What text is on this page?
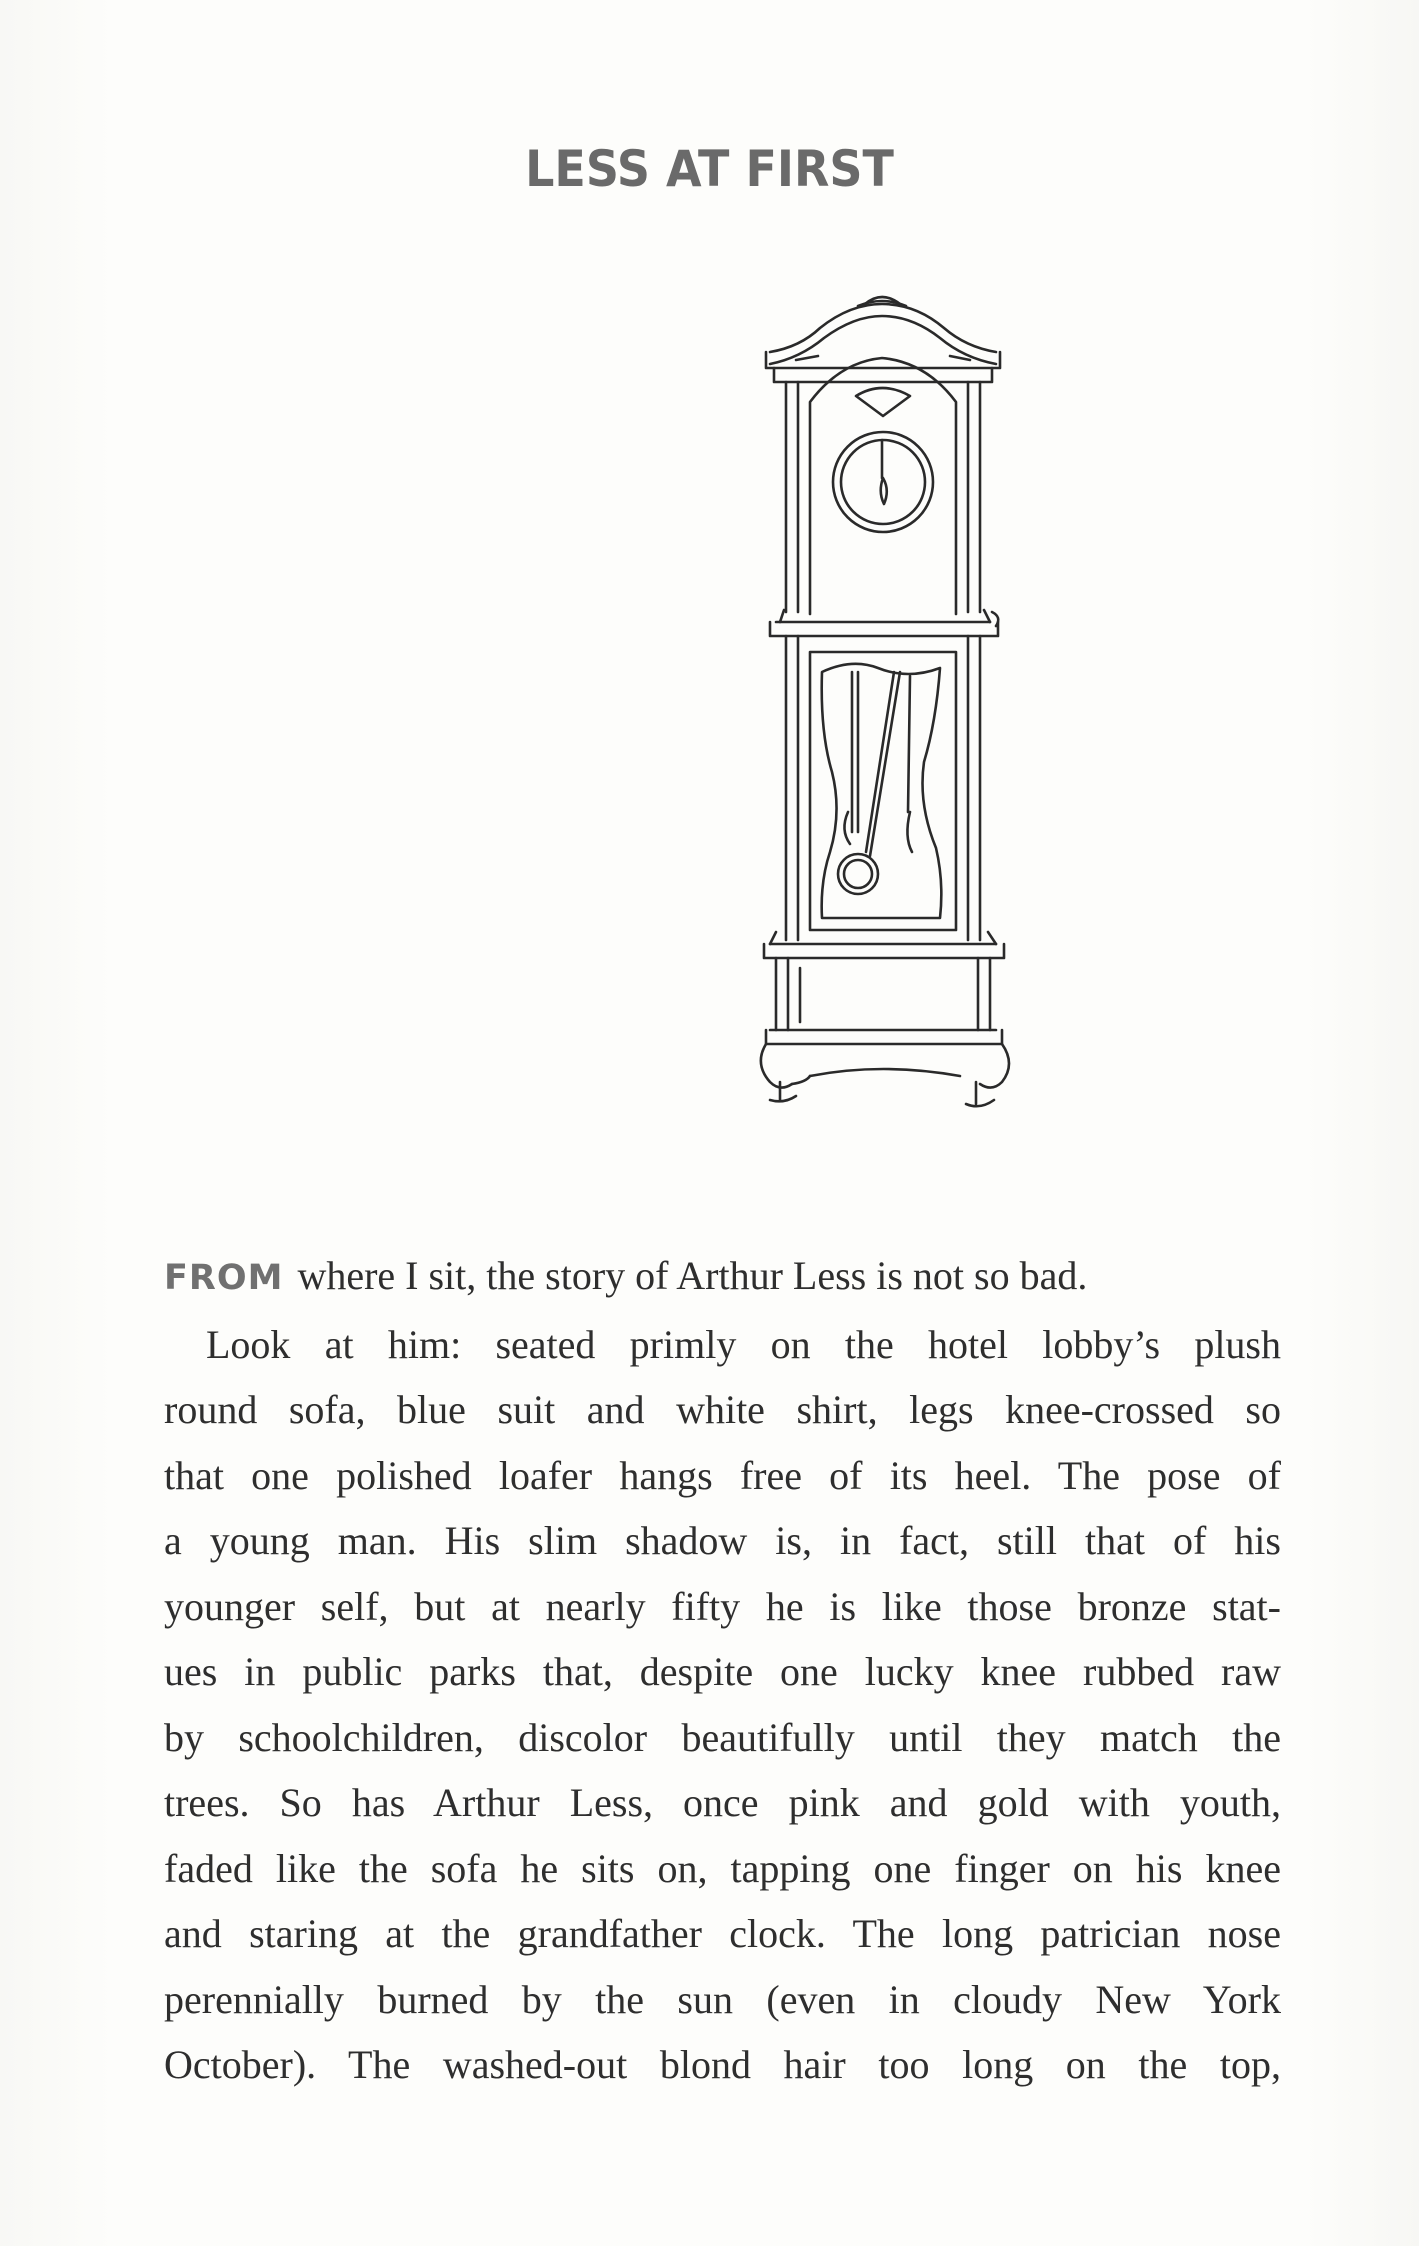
LESS AT FIRST
FROM where I sit, the story of Arthur Less is not so bad.
Look at him: seated primly on the hotel lobby’s plush
round sofa, blue suit and white shirt, legs knee-crossed so
that one polished loafer hangs free of its heel. The pose of
a young man. His slim shadow is, in fact, still that of his
younger self, but at nearly fifty he is like those bronze stat-
ues in public parks that, despite one lucky knee rubbed raw
by schoolchildren, discolor beautifully until they match the
trees. So has Arthur Less, once pink and gold with youth,
faded like the sofa he sits on, tapping one finger on his knee
and staring at the grandfather clock. The long patrician nose
perennially burned by the sun (even in cloudy New York
October). The washed-out blond hair too long on the top,
